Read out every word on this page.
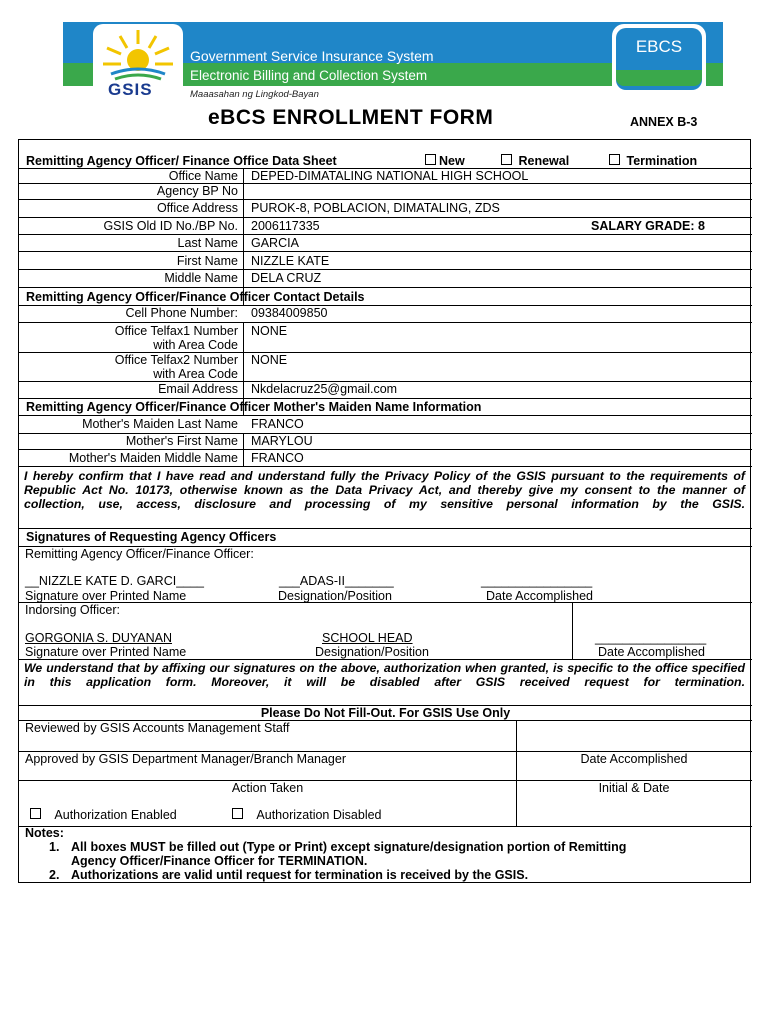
GSIS
Government Service Insurance System
Electronic Billing and Collection System
Maaasahan ng Lingkod-Bayan
EBCS
eBCS ENROLLMENT FORM	ANNEX B-3
Remitting Agency Officer/ Finance Office Data Sheet	New	Renewal	Termination
Office Name DEPED-DIMATALING NATIONAL HIGH SCHOOL
Agency BP No
Office Address PUROK-8, POBLACION, DIMATALING, ZDS
GSIS Old ID No./BP No. 2006117335	SALARY GRADE: 8
Last Name GARCIA
First Name NIZZLE KATE
Middle Name DELA CRUZ
Remitting Agency Officer/Finance Officer Contact Details
Cell Phone Number: 09384009850
Office Telfax1 Number
with Area Code
NONE
Office Telfax2 Number
with Area Code
NONE
Email Address Nkdelacruz25@gmail.com
Remitting Agency Officer/Finance Officer Mother's Maiden Name Information
Mother's Maiden Last Name FRANCO
Mother's First Name MARYLOU
Mother's Maiden Middle Name FRANCO
I hereby confirm that I have read and understand fully the Privacy Policy of the GSIS pursuant to the requirements of Republic Act No. 10173, otherwise known as the Data Privacy Act, and thereby give my consent to the manner of collection, use, access, disclosure and processing of my sensitive personal information by the GSIS.
Signatures of Requesting Agency Officers
Remitting Agency Officer/Finance Officer:
__NIZZLE KATE D. GARCI____	___ADAS-II_______	________________
Signature over Printed Name	Designation/Position	Date Accomplished
Indorsing Officer:
GORGONIA S. DUYANAN	SCHOOL HEAD	________________
Signature over Printed Name	Designation/Position	Date Accomplished
We understand that by affixing our signatures on the above, authorization when granted, is specific to the office specified in this application form. Moreover, it will be disabled after GSIS received request for termination.
Please Do Not Fill-Out. For GSIS Use Only
Reviewed by GSIS Accounts Management Staff
Approved by GSIS Department Manager/Branch Manager	Date Accomplished
Action Taken	Initial & Date
Authorization Enabled	Authorization Disabled
Notes:
1. All boxes MUST be filled out (Type or Print) except signature/designation portion of Remitting
Agency Officer/Finance Officer for TERMINATION.
2. Authorizations are valid until request for termination is received by the GSIS.
